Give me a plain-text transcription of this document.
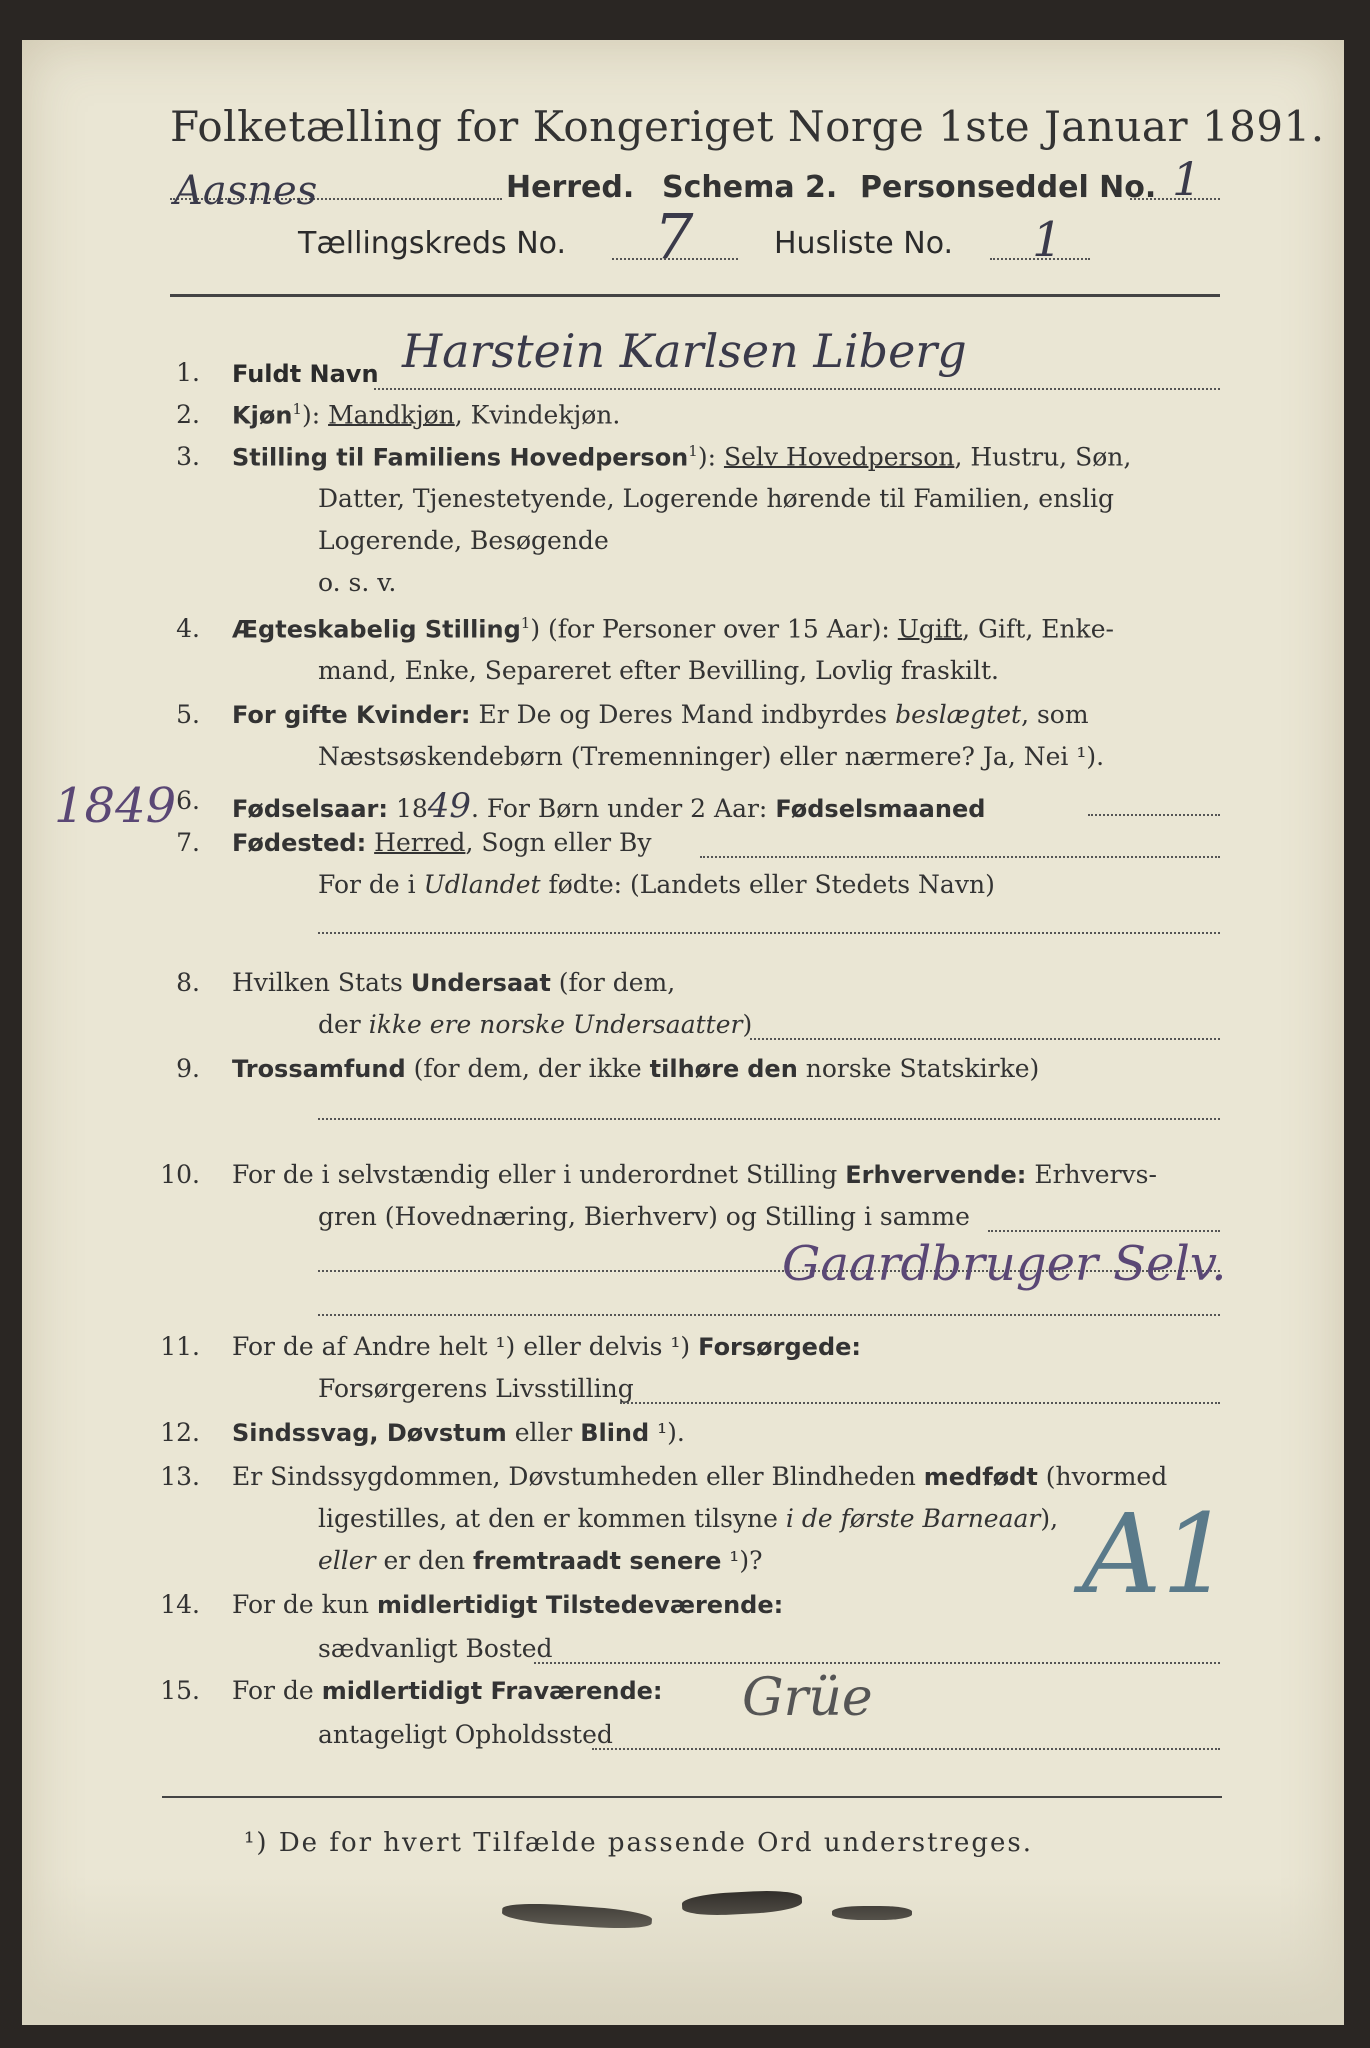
Folketælling for Kongeriget Norge 1ste Januar 1891.
Aasnes	Herred. Schema 2. Personseddel No. 1
Tællingskreds No. 7	Husliste No. 1
1849
1. Fuldt Navn Harstein Karlsen Liberg
2. Kjøn$^1$): Mandkjøn, Kvindekjøn.
3. Stilling til Familiens Hovedperson$^1$): Selv Hovedperson, Hustru, Søn,
Datter, Tjenestetyende, Logerende hørende til Familien, enslig
Logerende, Besøgende
o. s. v.
4. Ægteskabelig Stilling$^1$) (for Personer over 15 Aar): Ugift, Gift, Enke-
mand, Enke, Separeret efter Bevilling, Lovlig fraskilt.
5. For gifte Kvinder: Er De og Deres Mand indbyrdes beslægtet, som
Næstsøskendebørn (Tremenninger) eller nærmere? Ja, Nei ¹).
6. Fødselsaar: 1849. For Børn under 2 Aar: Fødselsmaaned
7. Fødested: Herred, Sogn eller By
For de i Udlandet fødte: (Landets eller Stedets Navn)
8. Hvilken Stats Undersaat (for dem,
der ikke ere norske Undersaatter)
9. Trossamfund (for dem, der ikke tilhøre den norske Statskirke)
10. For de i selvstændig eller i underordnet Stilling Erhvervende: Erhvervs-
gren (Hovednæring, Bierhverv) og Stilling i samme
Gaardbruger Selv.
11. For de af Andre helt ¹) eller delvis ¹) Forsørgede:
Forsørgerens Livsstilling
12. Sindssvag, Døvstum eller Blind ¹).
13. Er Sindssygdommen, Døvstumheden eller Blindheden medfødt (hvormed
ligestilles, at den er kommen tilsyne i de første Barneaar),
eller er den fremtraadt senere ¹)?
14. For de kun midlertidigt Tilstedeværende:
sædvanligt Bosted
15. For de midlertidigt Fraværende:
antageligt Opholdssted
Grüe
A1
¹) De for hvert Tilfælde passende Ord understreges.
